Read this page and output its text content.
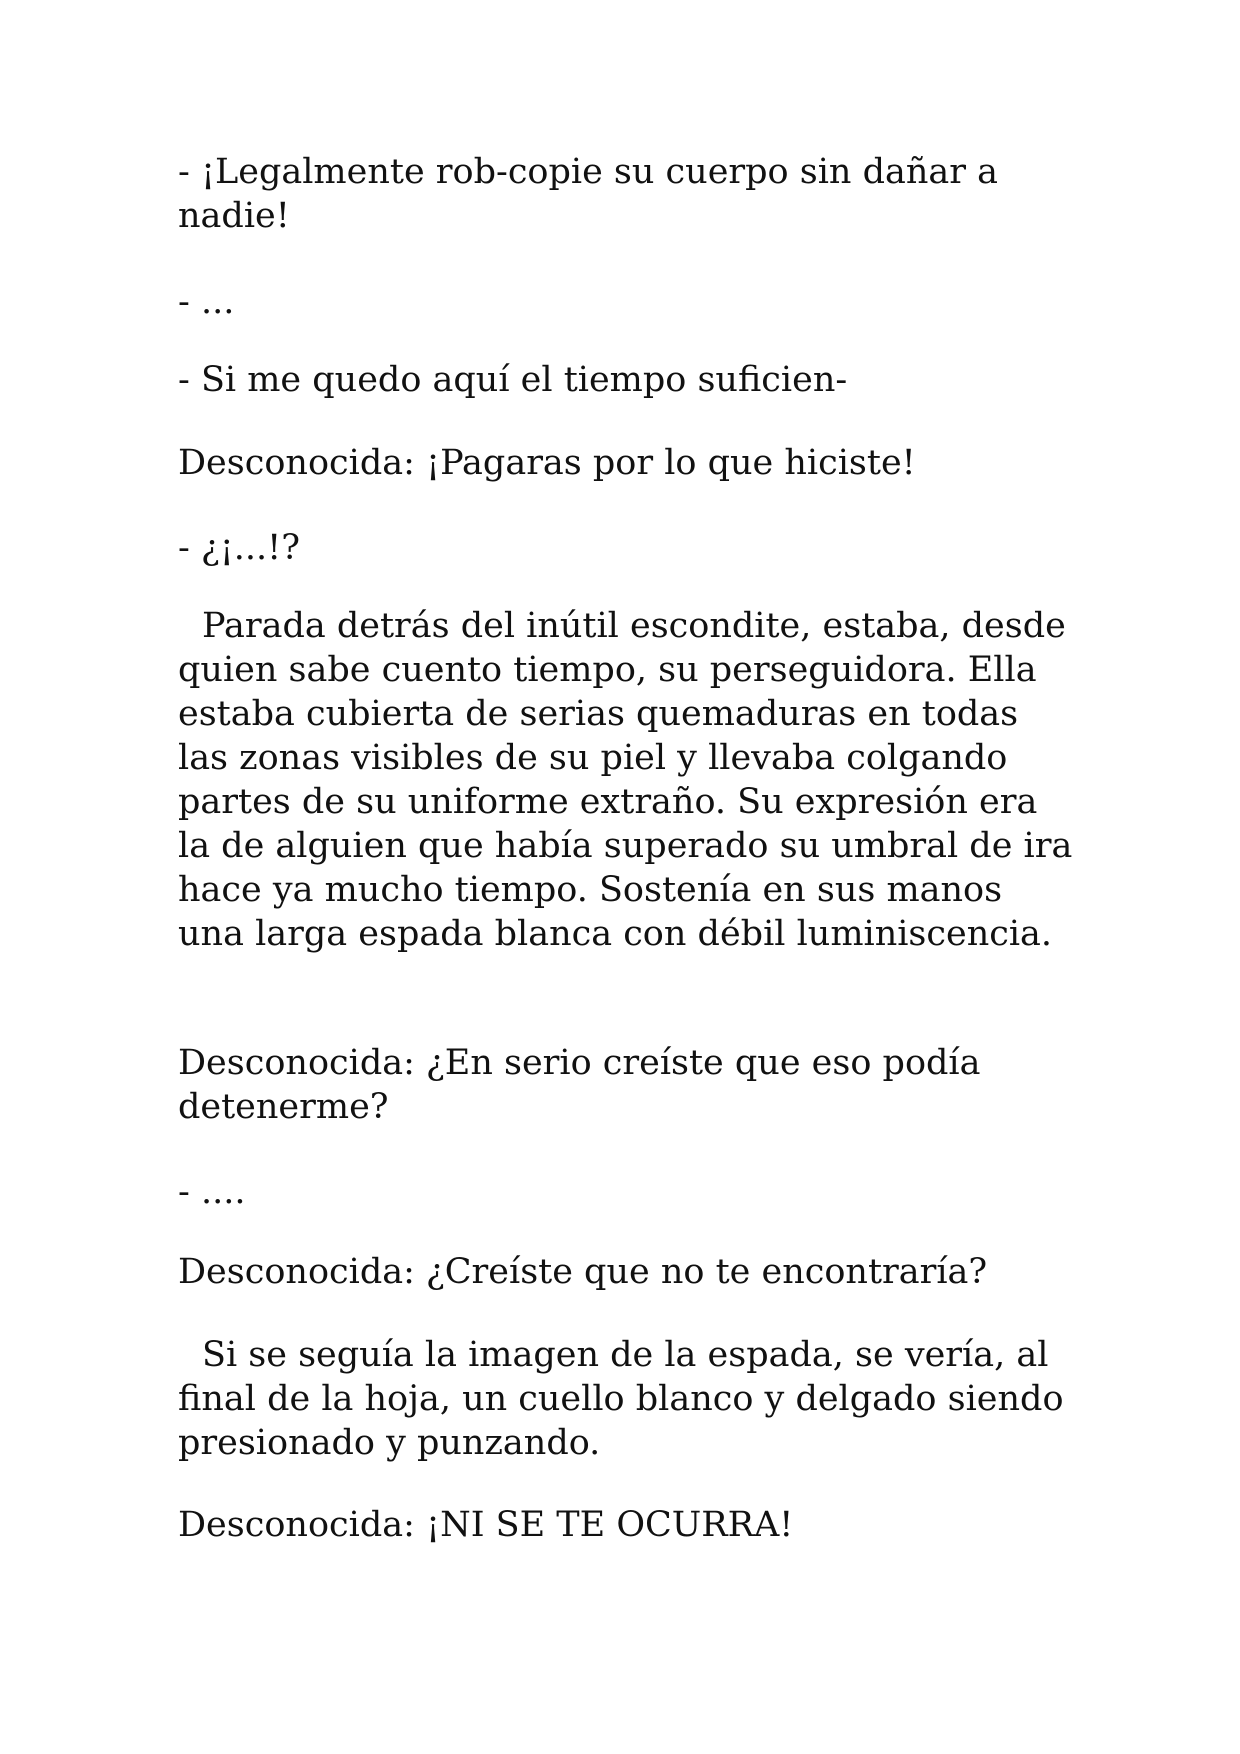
- ¡Legalmente rob-copie su cuerpo sin dañar a nadie!

- ...

- Si me quedo aquí el tiempo suficien-

Desconocida: ¡Pagaras por lo que hiciste!

- ¿¡...!?

Parada detrás del inútil escondite, estaba, desde quien sabe cuento tiempo, su perseguidora. Ella estaba cubierta de serias quemaduras en todas las zonas visibles de su piel y llevaba colgando partes de su uniforme extraño. Su expresión era la de alguien que había superado su umbral de ira hace ya mucho tiempo. Sostenía en sus manos una larga espada blanca con débil luminiscencia.

Desconocida: ¿En serio creíste que eso podía detenerme?

- ....

Desconocida: ¿Creíste que no te encontraría?

Si se seguía la imagen de la espada, se vería, al final de la hoja, un cuello blanco y delgado siendo presionado y punzando.

Desconocida: ¡NI SE TE OCURRA!
